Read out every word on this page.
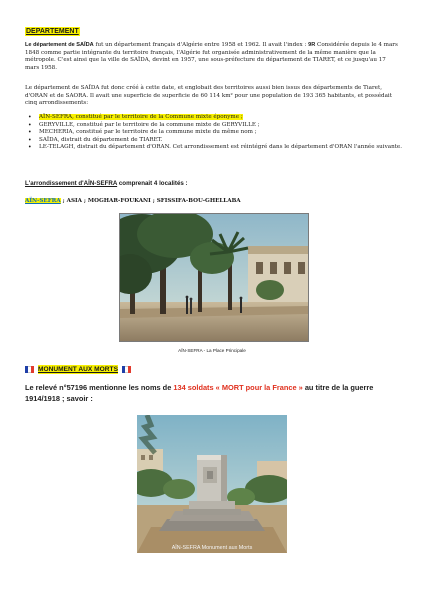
DEPARTEMENT
Le département de SAÏDA fut un département français d'Algérie entre 1958 et 1962. Il avait l'index : 9R Considérée depuis le 4 mars 1848 comme partie intégrante du territoire français, l'Algérie fut organisée administrativement de la même manière que la métropole. C'est ainsi que la ville de SAÏDA, devint en 1957, une sous-préfecture du département de TIARET, et ce jusqu'au 17 mars 1958.
Le département de SAÏDA fut donc créé à cette date, et englobait des territoires aussi bien issus des départements de Tiaret, d'ORAN et de SAORA. Il avait une superficie de superficie de 60 114 km² pour une population de 193 365 habitants, et possédait cinq arrondissements:
• AÏN-SEFRA, constitué par le territoire de la Commune mixte éponyme ;
• GERYVILLE, constitué par le territoire de la commune mixte de GERYVILLE ;
• MECHERIA, constitué par le territoire de la commune mixte du même nom ;
• SAÏDA, distrait du département de TIARET.
• LE-TELAGH, distrait du département d'ORAN. Cet arrondissement est réintégré dans le département d'ORAN l'année suivante.
L'arrondissement d'AÏN-SEFRA comprenait 4 localités :
AÏN-SEFRA ; ASIA ; MOGHAR-FOUKANI ; SFISSIFA-BOU-GHELLABA
AÏN-SEFRA - La Place Principale
MONUMENT AUX MORTS
Le relevé n°57196 mentionne les noms de 134 soldats « MORT pour la France » au titre de la guerre 1914/1918 ; savoir :
AÏN-SEFRA Monument aux Morts
